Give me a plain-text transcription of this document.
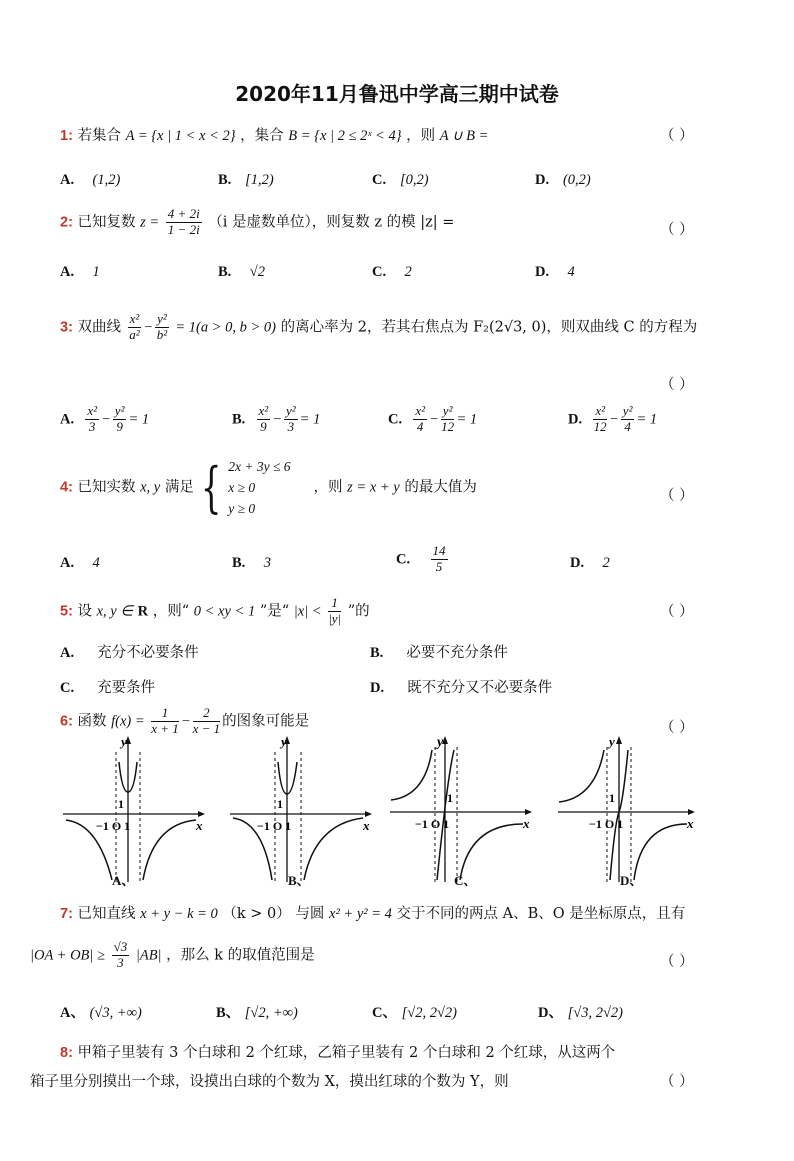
2020年11月鲁迅中学高三期中试卷
1: 若集合 A = {x | 1 < x < 2} ，集合 B = {x | 2 ≤ 2ˣ < 4} ，则 A ∪ B =	（ ）
A. (1,2)	B. [1,2)	C. [0,2)	D. (0,2)
2: 已知复数 $z = \frac{4 + 2i}{1 - 2i} (i$ 是虚数单位），则复数 z 的模 |z| =	（ ）
A. 1	B. √2	C. 2	D. 4
3: 双曲线 $\frac{\text{x²}}{\text{a²}} - \frac{\text{y²}}{\text{b²}} = 1(a > 0$, b > 0) 的离心率为 2，若其右焦点为 F₂(2√3, 0)，则双曲线 C 的方程为
（ ）
A. $\frac{\text{x²}}{3} - \frac{\text{y²}}{9} = 1$	B. $\frac{\text{x²}}{9} - \frac{\text{y²}}{3} = 1$	C. $\frac{\text{x²}}{4} - \frac{\text{y²}}{12} = 1$	D. $\frac{\text{x²}}{12} - \frac{\text{y²}}{4} = 1$
4: 已知实数 x, y 满足 { 2x + 3y ≤ 6
x ≥ 0
y ≥ 0
，则 z = x + y 的最大值为
（ ）
A. 4	B. 3	C. $\frac{14}{5}$	D. 2
5: 设 x, y ∈ R ，则“ 0 < xy < 1 ”是“ $|x| < \frac{1}{|y|}$ ”的	（ ）
A. 充分不必要条件	B. 必要不充分条件
C. 充要条件	D. 既不充分又不必要条件
6: 函数 $f(x) = \frac{1}{x + 1} - \frac{2}{x - 1}$ 的图象可能是	（ ）
y
x
1
−1 O 1
A、
y
x
1
−1 O 1
B、
y
x
1
−1 O 1
C、
y
x
1
−1 O 1
D、
7: 已知直线 x + y − k = 0 （k > 0） 与圆 x² + y² = 4 交于不同的两点 A、B、O 是坐标原点，且有
$|OA + OB| \ge \frac{√3}{3} |AB|$ ，那么 k 的取值范围是	（ ）
A、 (√3, +∞)	B、 [√2, +∞)	C、 [√2, 2√2)	D、 [√3, 2√2)
8: 甲箱子里装有 3 个白球和 2 个红球，乙箱子里装有 2 个白球和 2 个红球，从这两个
箱子里分别摸出一个球，设摸出白球的个数为 X，摸出红球的个数为 Y，则	（ ）
